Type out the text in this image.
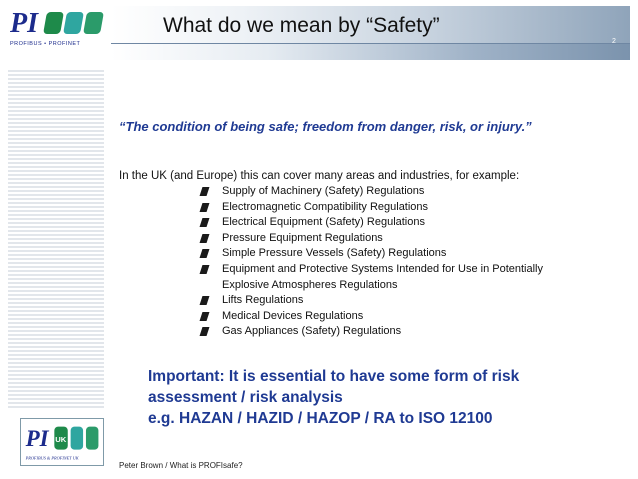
PI
PROFIBUS • PROFINET
What do we mean by “Safety”
2
“The condition of being safe; freedom from danger, risk, or injury.”
In the UK (and Europe) this can cover many areas and industries, for example:
Supply of Machinery (Safety) Regulations
Electromagnetic Compatibility Regulations
Electrical Equipment (Safety) Regulations
Pressure Equipment Regulations
Simple Pressure Vessels (Safety) Regulations
Equipment and Protective Systems Intended for Use in Potentially
Explosive Atmospheres Regulations
Lifts Regulations
Medical Devices Regulations
Gas Appliances (Safety) Regulations
Important: It is essential to have some form of risk
assessment / risk analysis
e.g. HAZAN / HAZID / HAZOP / RA to ISO 12100
PI UK
PROFIBUS & PROFINET UK
Peter Brown / What is PROFIsafe?
